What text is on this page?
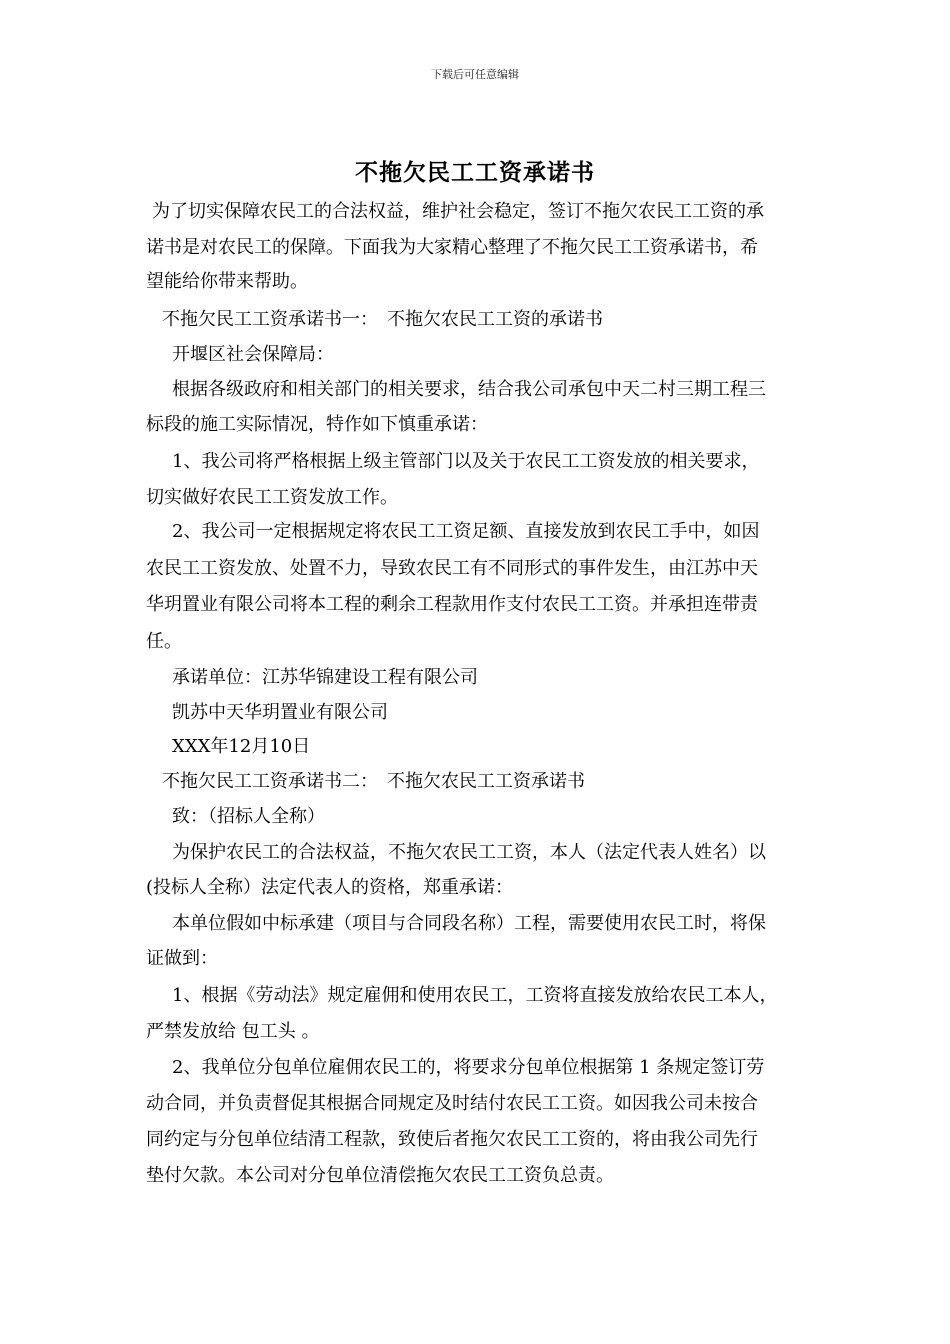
下载后可任意编辑
不拖欠民工工资承诺书
为了切实保障农民工的合法权益，维护社会稳定，签订不拖欠农民工工资的承
诺书是对农民工的保障。下面我为大家精心整理了不拖欠民工工资承诺书，希
望能给你带来帮助。
不拖欠民工工资承诺书一：　不拖欠农民工工资的承诺书
开堰区社会保障局：
根据各级政府和相关部门的相关要求，结合我公司承包中天二村三期工程三
标段的施工实际情况，特作如下慎重承诺：
1、我公司将严格根据上级主管部门以及关于农民工工资发放的相关要求，
切实做好农民工工资发放工作。
2、我公司一定根据规定将农民工工资足额、直接发放到农民工手中，如因
农民工工资发放、处置不力，导致农民工有不同形式的事件发生，由江苏中天
华玥置业有限公司将本工程的剩余工程款用作支付农民工工资。并承担连带责
任。
承诺单位：江苏华锦建设工程有限公司
凯苏中天华玥置业有限公司
XXX年12月10日
不拖欠民工工资承诺书二：　不拖欠农民工工资承诺书
致：（招标人全称）
为保护农民工的合法权益，不拖欠农民工工资，本人（法定代表人姓名）以
(投标人全称）法定代表人的资格，郑重承诺：
本单位假如中标承建（项目与合同段名称）工程，需要使用农民工时，将保
证做到：
1、根据《劳动法》规定雇佣和使用农民工，工资将直接发放给农民工本人，
严禁发放给 包工头 。
2、我单位分包单位雇佣农民工的，将要求分包单位根据第 1 条规定签订劳
动合同，并负责督促其根据合同规定及时结付农民工工资。如因我公司未按合
同约定与分包单位结清工程款，致使后者拖欠农民工工资的，将由我公司先行
垫付欠款。本公司对分包单位清偿拖欠农民工工资负总责。
